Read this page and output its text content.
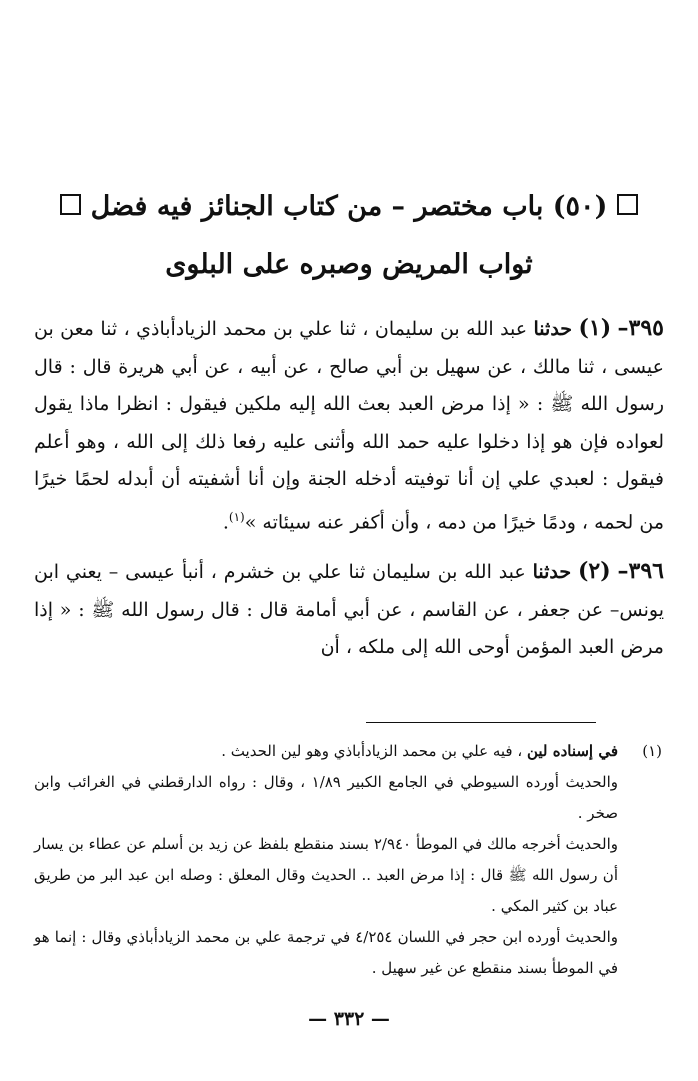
(٥٠) باب مختصر – من كتاب الجنائز فيه فضل
ثواب المريض وصبره على البلوى

٣٩٥– (١) حدثنا عبد الله بن سليمان ، ثنا علي بن محمد الزيادأباذي ، ثنا معن بن عيسى ، ثنا مالك ، عن سهيل بن أبي صالح ، عن أبيه ، عن أبي هريرة قال : قال رسول الله ﷺ : « إذا مرض العبد بعث الله إليه ملكين فيقول : انظرا ماذا يقول لعواده فإن هو إذا دخلوا عليه حمد الله وأثنى عليه رفعا ذلك إلى الله ، وهو أعلم فيقول : لعبدي علي إن أنا توفيته أدخله الجنة وإن أنا أشفيته أن أبدله لحمًا خيرًا من لحمه ، ودمًا خيرًا من دمه ، وأن أكفر عنه سيئاته »$^{(١)}$.

٣٩٦– (٢) حدثنا عبد الله بن سليمان ثنا علي بن خشرم ، أنبأ عيسى – يعني ابن يونس– عن جعفر ، عن القاسم ، عن أبي أمامة قال : قال رسول الله ﷺ : « إذا مرض العبد المؤمن أوحى الله إلى ملكه ، أن

(١)في إسناده لين ، فيه علي بن محمد الزيادأباذي وهو لين الحديث .

والحديث أورده السيوطي في الجامع الكبير ١/٨٩ ، وقال : رواه الدارقطني في الغرائب وابن صخر .

والحديث أخرجه مالك في الموطأ ٢/٩٤٠ بسند منقطع بلفظ عن زيد بن أسلم عن عطاء بن يسار أن رسول الله ﷺ قال : إذا مرض العبد .. الحديث وقال المعلق : وصله ابن عبد البر من طريق عباد بن كثير المكي .

والحديث أورده ابن حجر في اللسان ٤/٢٥٤ في ترجمة علي بن محمد الزيادأباذي وقال : إنما هو في الموطأ بسند منقطع عن غير سهيل .

— ٣٣٢ —
